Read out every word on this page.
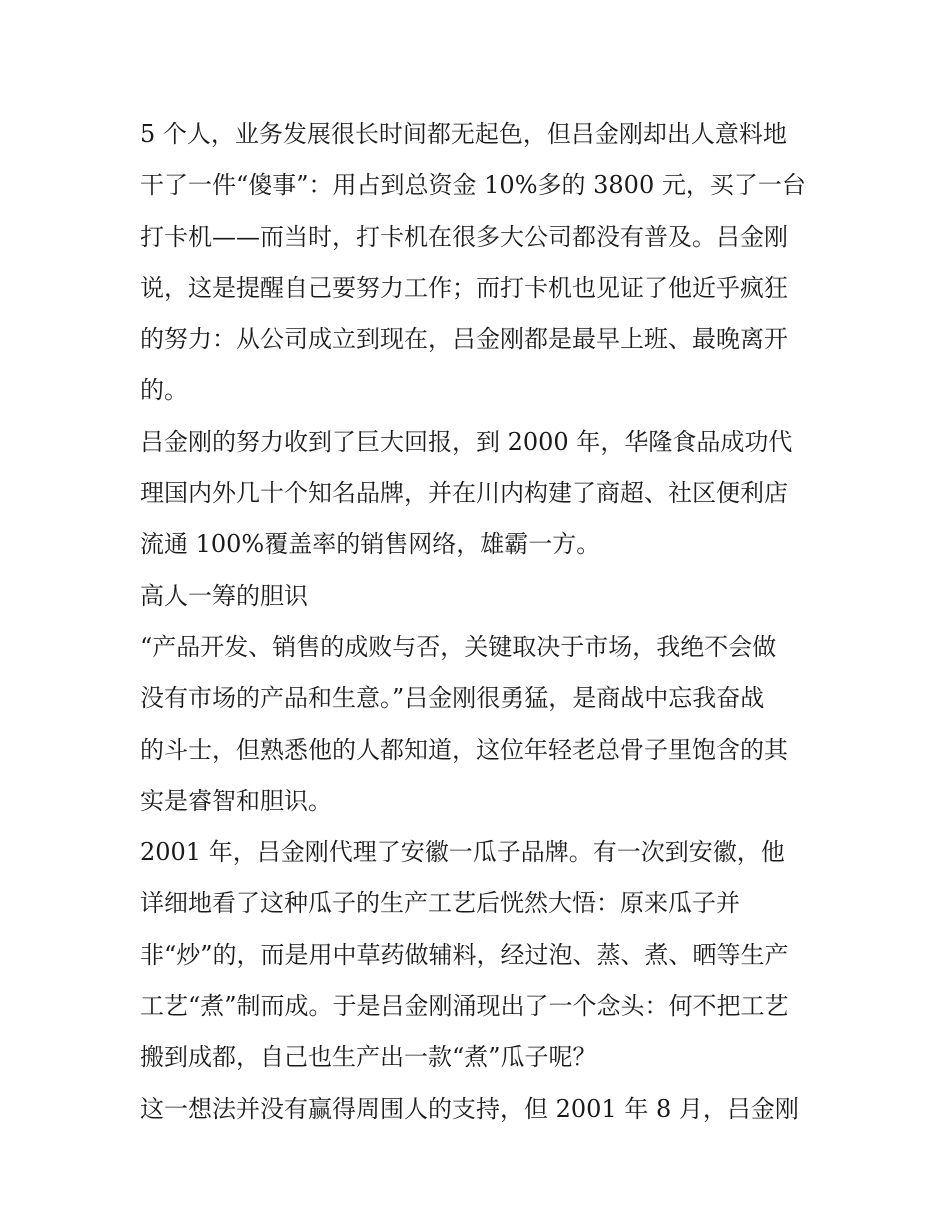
5 个人，业务发展很长时间都无起色，但吕金刚却出人意料地
干了一件“傻事”：用占到总资金 10%多的 3800 元，买了一台
打卡机——而当时，打卡机在很多大公司都没有普及。吕金刚
说，这是提醒自己要努力工作；而打卡机也见证了他近乎疯狂
的努力：从公司成立到现在，吕金刚都是最早上班、最晚离开
的。
吕金刚的努力收到了巨大回报，到 2000 年，华隆食品成功代
理国内外几十个知名品牌，并在川内构建了商超、社区便利店
流通 100%覆盖率的销售网络，雄霸一方。
高人一筹的胆识
“产品开发、销售的成败与否，关键取决于市场，我绝不会做
没有市场的产品和生意。”吕金刚很勇猛，是商战中忘我奋战
的斗士，但熟悉他的人都知道，这位年轻老总骨子里饱含的其
实是睿智和胆识。
2001 年，吕金刚代理了安徽一瓜子品牌。有一次到安徽，他
详细地看了这种瓜子的生产工艺后恍然大悟：原来瓜子并
非“炒”的，而是用中草药做辅料，经过泡、蒸、煮、晒等生产
工艺“煮”制而成。于是吕金刚涌现出了一个念头：何不把工艺
搬到成都，自己也生产出一款“煮”瓜子呢？
这一想法并没有赢得周围人的支持，但 2001 年 8 月，吕金刚
